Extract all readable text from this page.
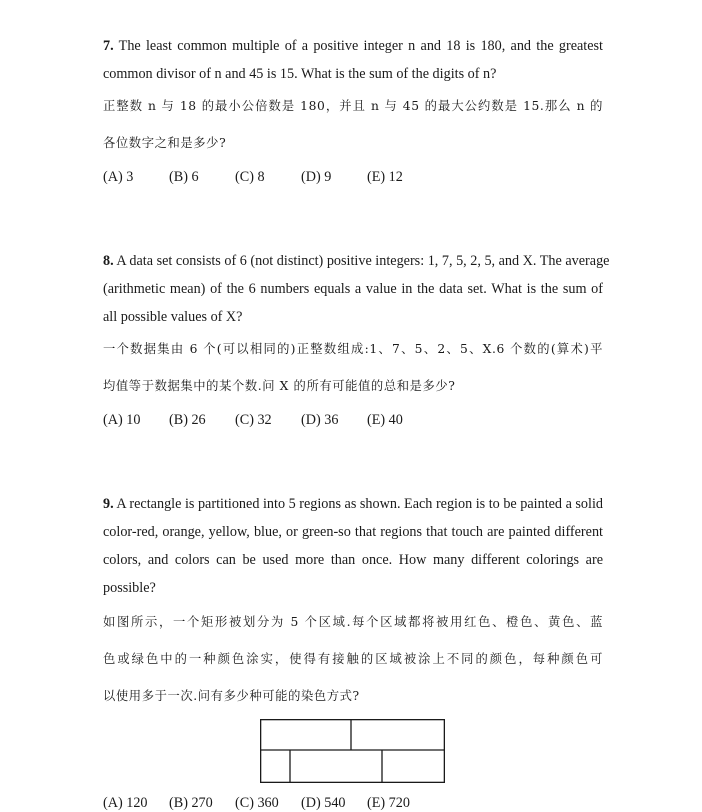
7. The least common multiple of a positive integer n and 18 is 180, and the greatest
common divisor of n and 45 is 15. What is the sum of the digits of n?
正整数 n 与 18 的最小公倍数是 180，并且 n 与 45 的最大公约数是 15.那么 n 的
各位数字之和是多少?
(A) 3	(B) 6	(C) 8	(D) 9	(E) 12
8. A data set consists of 6 (not distinct) positive integers: 1, 7, 5, 2, 5, and X. The average
(arithmetic mean) of the 6 numbers equals a value in the data set. What is the sum of
all possible values of X?
一个数据集由 6 个(可以相同的)正整数组成:1、7、5、2、5、X.6 个数的(算术)平
均值等于数据集中的某个数.问 X 的所有可能值的总和是多少?
(A) 10 (B) 26 (C) 32 (D) 36 (E) 40
9. A rectangle is partitioned into 5 regions as shown. Each region is to be painted a solid
color-red, orange, yellow, blue, or green-so that regions that touch are painted different
colors, and colors can be used more than once. How many different colorings are
possible?
如图所示，一个矩形被划分为 5 个区域.每个区域都将被用红色、橙色、黄色、蓝
色或绿色中的一种颜色涂实，使得有接触的区域被涂上不同的颜色，每种颜色可
以使用多于一次.问有多少种可能的染色方式?
(A) 120 (B) 270 (C) 360 (D) 540 (E) 720
